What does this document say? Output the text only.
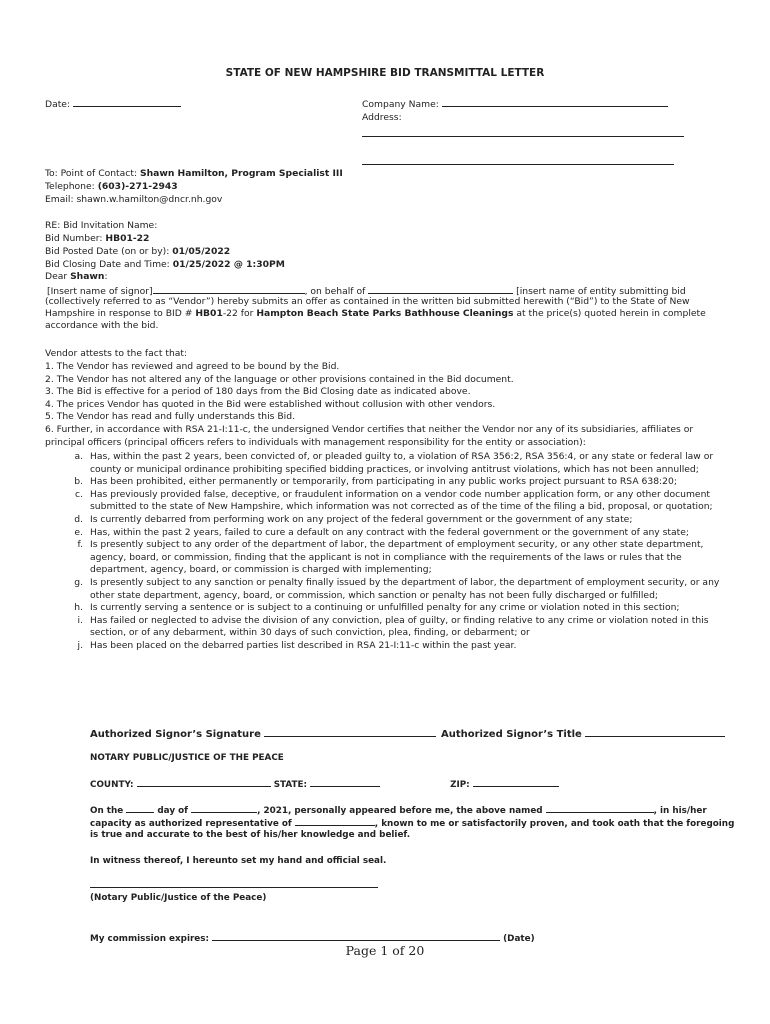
STATE OF NEW HAMPSHIRE BID TRANSMITTAL LETTER
Date:	Company Name:
Address:
To: Point of Contact: Shawn Hamilton, Program Specialist III
Telephone: (603)-271-2943
Email: shawn.w.hamilton@dncr.nh.gov
RE: Bid Invitation Name:
Bid Number: HB01-22
Bid Posted Date (on or by): 01/05/2022
Bid Closing Date and Time: 01/25/2022 @ 1:30PM
Dear Shawn:
[Insert name of signor]	, on behalf of	[insert name of entity submitting bid
(collectively referred to as “Vendor”) hereby submits an offer as contained in the written bid submitted herewith (“Bid”) to the State of New
Hampshire in response to BID # HB01-22 for Hampton Beach State Parks Bathhouse Cleanings at the price(s) quoted herein in complete
accordance with the bid.
Vendor attests to the fact that:
1. The Vendor has reviewed and agreed to be bound by the Bid.
2. The Vendor has not altered any of the language or other provisions contained in the Bid document.
3. The Bid is effective for a period of 180 days from the Bid Closing date as indicated above.
4. The prices Vendor has quoted in the Bid were established without collusion with other vendors.
5. The Vendor has read and fully understands this Bid.
6. Further, in accordance with RSA 21-I:11-c, the undersigned Vendor certifies that neither the Vendor nor any of its subsidiaries, affiliates or principal officers (principal officers refers to individuals with management responsibility for the entity or association):
a. Has, within the past 2 years, been convicted of, or pleaded guilty to, a violation of RSA 356:2, RSA 356:4, or any state or federal law or county or municipal ordinance prohibiting specified bidding practices, or involving antitrust violations, which has not been annulled;
b. Has been prohibited, either permanently or temporarily, from participating in any public works project pursuant to RSA 638:20;
c. Has previously provided false, deceptive, or fraudulent information on a vendor code number application form, or any other document submitted to the state of New Hampshire, which information was not corrected as of the time of the filing a bid, proposal, or quotation;
d. Is currently debarred from performing work on any project of the federal government or the government of any state;
e. Has, within the past 2 years, failed to cure a default on any contract with the federal government or the government of any state;
f. Is presently subject to any order of the department of labor, the department of employment security, or any other state department, agency, board, or commission, finding that the applicant is not in compliance with the requirements of the laws or rules that the department, agency, board, or commission is charged with implementing;
g. Is presently subject to any sanction or penalty finally issued by the department of labor, the department of employment security, or any other state department, agency, board, or commission, which sanction or penalty has not been fully discharged or fulfilled;
h. Is currently serving a sentence or is subject to a continuing or unfulfilled penalty for any crime or violation noted in this section;
i. Has failed or neglected to advise the division of any conviction, plea of guilty, or finding relative to any crime or violation noted in this section, or of any debarment, within 30 days of such conviction, plea, finding, or debarment; or
j. Has been placed on the debarred parties list described in RSA 21-I:11-c within the past year.
Authorized Signor’s Signature	Authorized Signor’s Title
NOTARY PUBLIC/JUSTICE OF THE PEACE
COUNTY:	STATE:	ZIP:
On the	day of	, 2021, personally appeared before me, the above named	, in his/her
capacity as authorized representative of	, known to me or satisfactorily proven, and took oath that the foregoing
is true and accurate to the best of his/her knowledge and belief.
In witness thereof, I hereunto set my hand and official seal.
(Notary Public/Justice of the Peace)
My commission expires:	(Date)
Page 1 of 20
